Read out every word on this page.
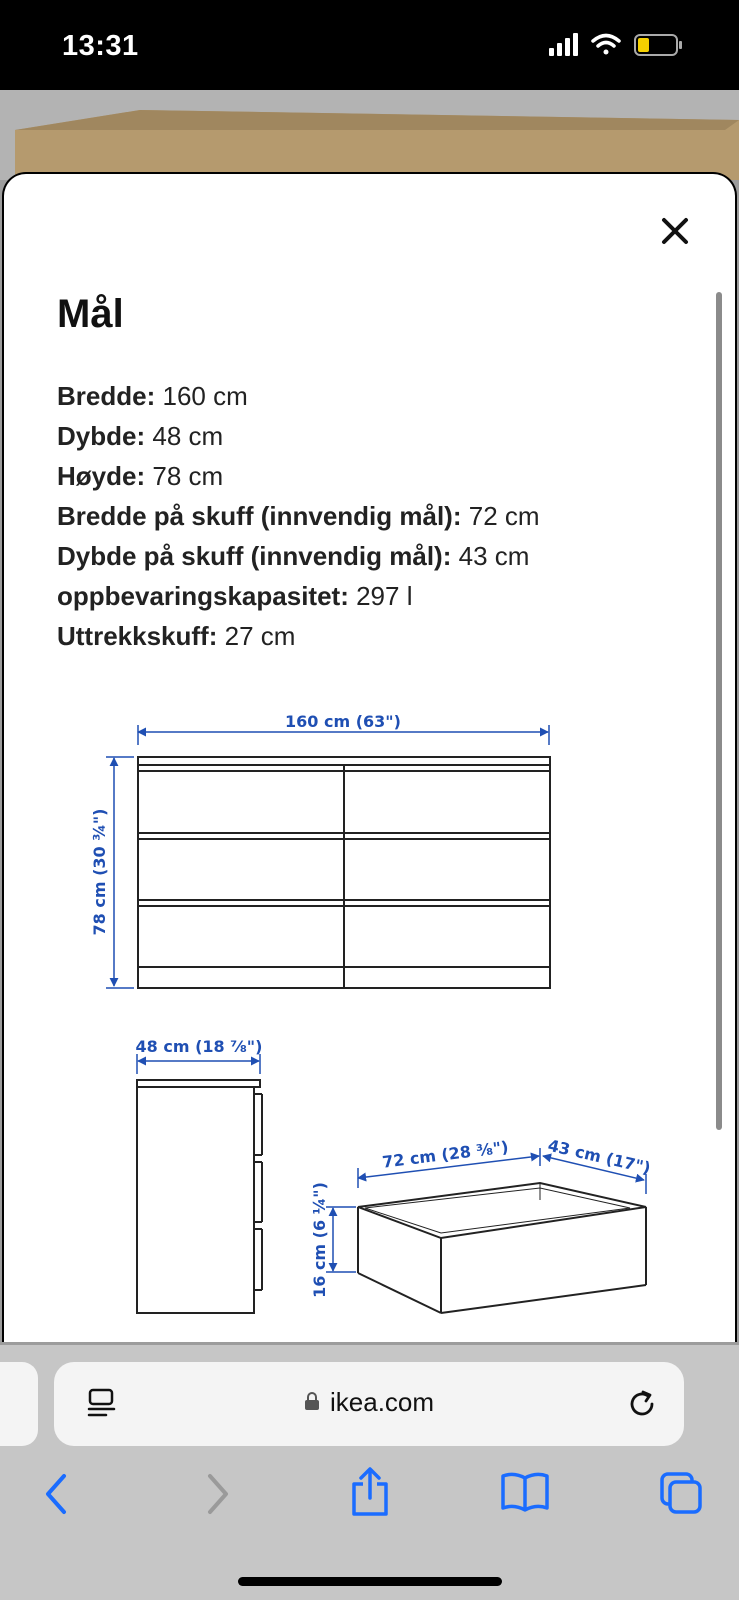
13:31
Mål
Bredde: 160 cm
Dybde: 48 cm
Høyde: 78 cm
Bredde på skuff (innvendig mål): 72 cm
Dybde på skuff (innvendig mål): 43 cm
oppbevaringskapasitet: 297 l
Uttrekkskuff: 27 cm
160 cm (63")
78 cm (30 ¾")
48 cm (18 ⅞")
72 cm (28 ⅜") 43 cm (17")
16 cm (6 ¼")
ikea.com
